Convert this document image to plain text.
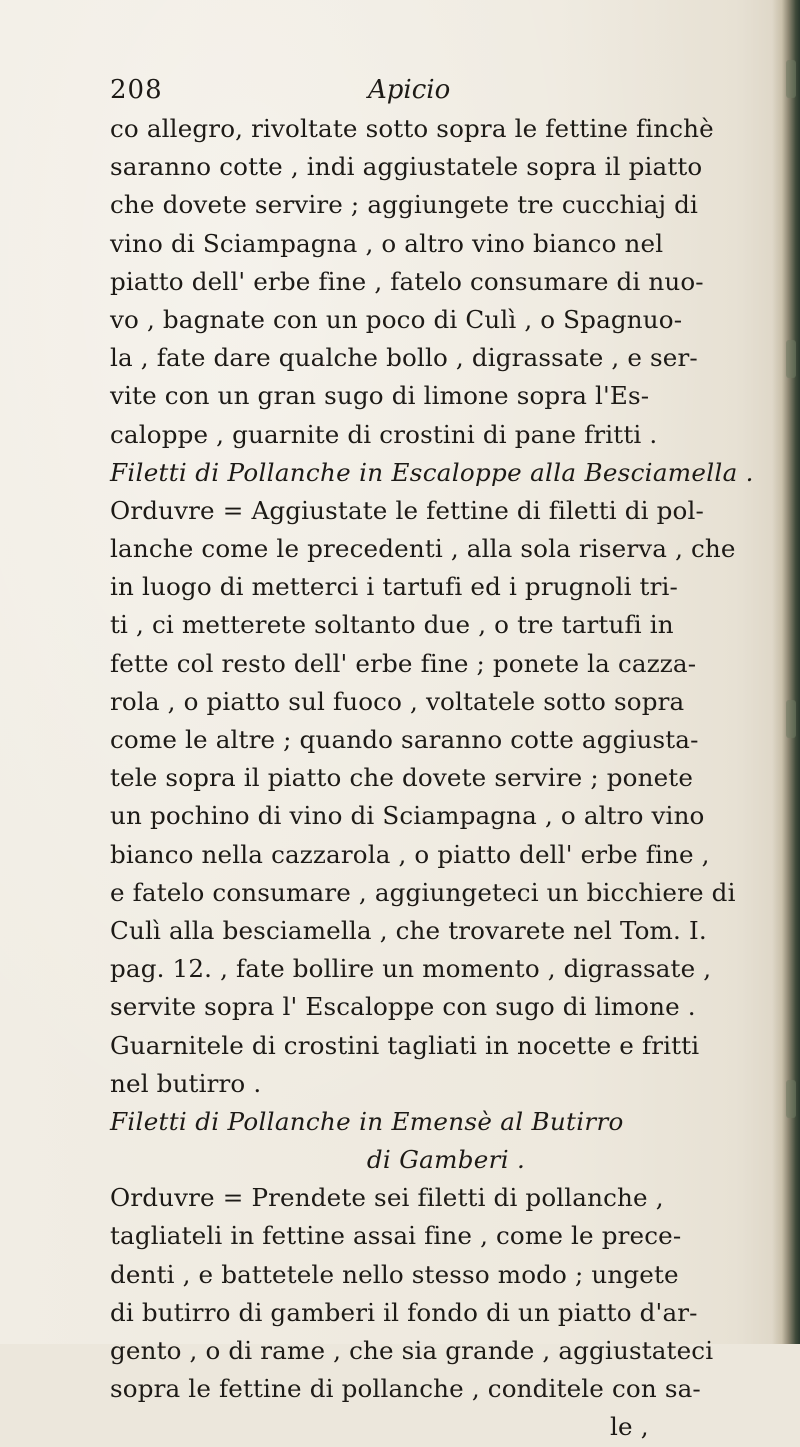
208	Apicio
co allegro, rivoltate sotto sopra le fettine finchè
saranno cotte , indi aggiustatele sopra il piatto
che dovete servire ; aggiungete tre cucchiaj di
vino di Sciampagna , o altro vino bianco nel
piatto dell' erbe fine , fatelo consumare di nuo-
vo , bagnate con un poco di Culì , o Spagnuo-
la , fate dare qualche bollo , digrassate , e ser-
vite con un gran sugo di limone sopra l'Es-
caloppe , guarnite di crostini di pane fritti .
Filetti di Pollanche in Escaloppe alla Besciamella .
Orduvre = Aggiustate le fettine di filetti di pol-
lanche come le precedenti , alla sola riserva , che
in luogo di metterci i tartufi ed i prugnoli tri-
ti , ci metterete soltanto due , o tre tartufi in
fette col resto dell' erbe fine ; ponete la cazza-
rola , o piatto sul fuoco , voltatele sotto sopra
come le altre ; quando saranno cotte aggiusta-
tele sopra il piatto che dovete servire ; ponete
un pochino di vino di Sciampagna , o altro vino
bianco nella cazzarola , o piatto dell' erbe fine ,
e fatelo consumare , aggiungeteci un bicchiere di
Culì alla besciamella , che trovarete nel Tom. I.
pag. 12. , fate bollire un momento , digrassate ,
servite sopra l' Escaloppe con sugo di limone .
Guarnitele di crostini tagliati in nocette e fritti
nel butirro .
Filetti di Pollanche in Emensè al Butirro
di Gamberi .
Orduvre = Prendete sei filetti di pollanche ,
tagliateli in fettine assai fine , come le prece-
denti , e battetele nello stesso modo ; ungete
di butirro di gamberi il fondo di un piatto d'ar-
gento , o di rame , che sia grande , aggiustateci
sopra le fettine di pollanche , conditele con sa-
le ,
